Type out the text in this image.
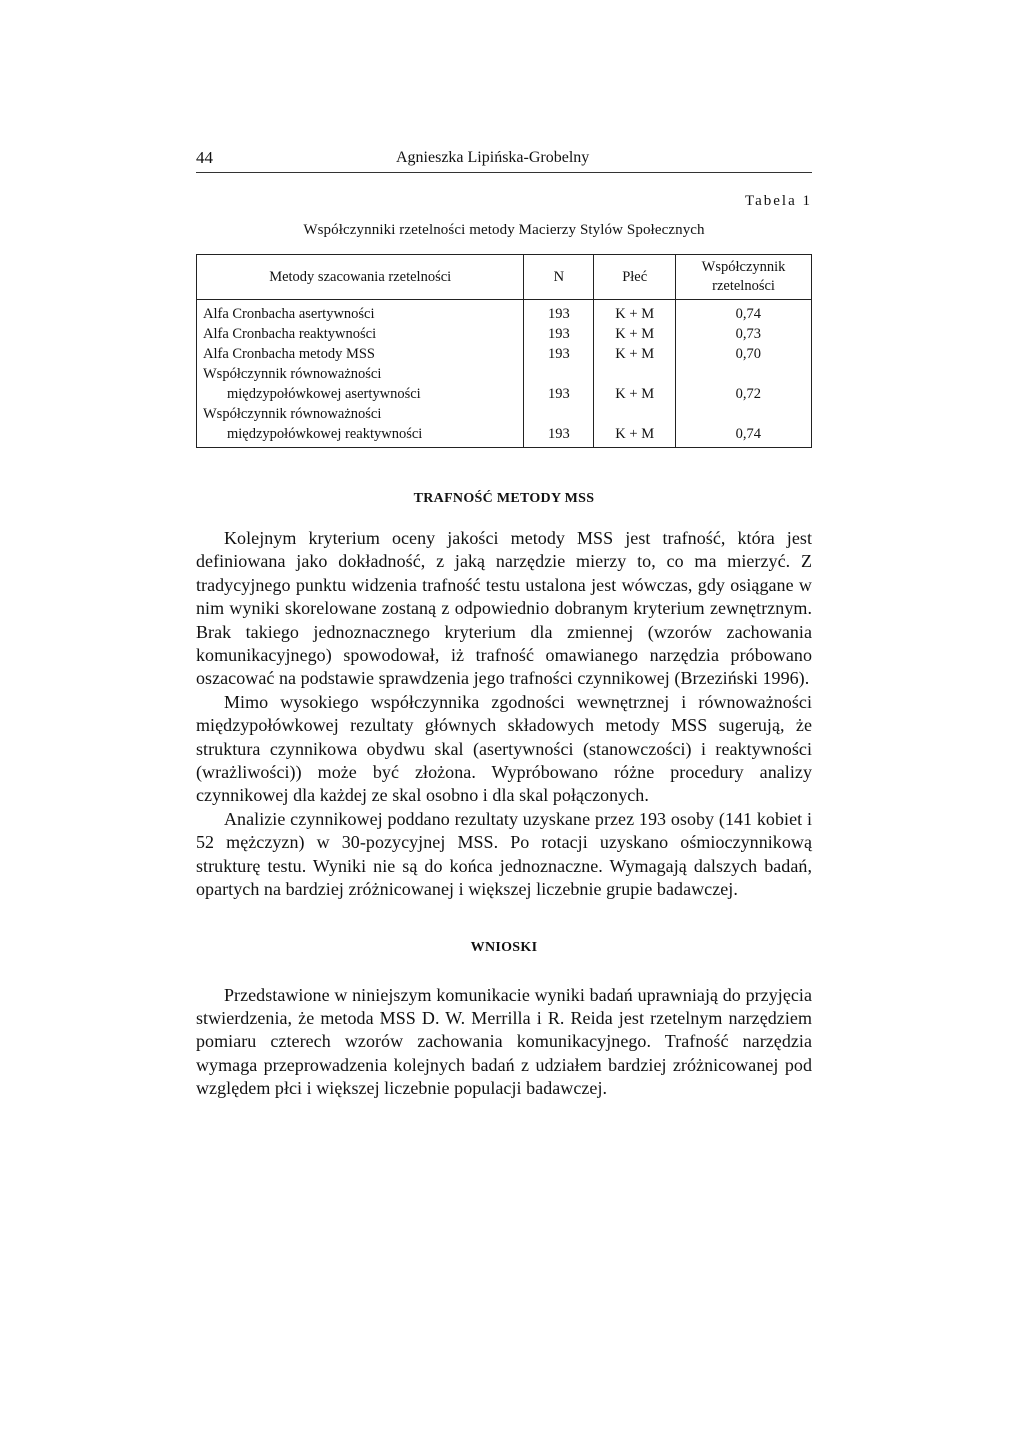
44	Agnieszka Lipińska-Grobelny
Tabela 1
Współczynniki rzetelności metody Macierzy Stylów Społecznych
Metody szacowania rzetelności	N	Płeć	Współczynnik
rzetelności

Alfa Cronbacha asertywności	193	K + M	0,74

Alfa Cronbacha reaktywności	193	K + M	0,73

Alfa Cronbacha metody MSS	193	K + M	0,70

Współczynnik równoważności
międzypołówkowej asertywności	193	K + M	0,72

Współczynnik równoważności
międzypołówkowej reaktywności	193	K + M	0,74
TRAFNOŚĆ METODY MSS

Kolejnym kryterium oceny jakości metody MSS jest trafność, która jest definiowana jako dokładność, z jaką narzędzie mierzy to, co ma mierzyć. Z tradycyjnego punktu widzenia trafność testu ustalona jest wówczas, gdy osiągane w nim wyniki skorelowane zostaną z odpowiednio dobranym kryterium zewnętrznym. Brak takiego jednoznacznego kryterium dla zmiennej (wzorów zachowania komunikacyjnego) spowodował, iż trafność omawianego narzędzia próbowano oszacować na podstawie sprawdzenia jego trafności czynnikowej (Brzeziński 1996).

Mimo wysokiego współczynnika zgodności wewnętrznej i równoważności międzypołówkowej rezultaty głównych składowych metody MSS sugerują, że struktura czynnikowa obydwu skal (asertywności (stanowczości) i reaktywności (wrażliwości)) może być złożona. Wypróbowano różne procedury analizy czynnikowej dla każdej ze skal osobno i dla skal połączonych.

Analizie czynnikowej poddano rezultaty uzyskane przez 193 osoby (141 kobiet i 52 mężczyzn) w 30-pozycyjnej MSS. Po rotacji uzyskano ośmioczynnikową strukturę testu. Wyniki nie są do końca jednoznaczne. Wymagają dalszych badań, opartych na bardziej zróżnicowanej i większej liczebnie grupie badawczej.

WNIOSKI

Przedstawione w niniejszym komunikacie wyniki badań uprawniają do przyjęcia stwierdzenia, że metoda MSS D. W. Merrilla i R. Reida jest rzetelnym narzędziem pomiaru czterech wzorów zachowania komunikacyjnego. Trafność narzędzia wymaga przeprowadzenia kolejnych badań z udziałem bardziej zróżnicowanej pod względem płci i większej liczebnie populacji badawczej.
